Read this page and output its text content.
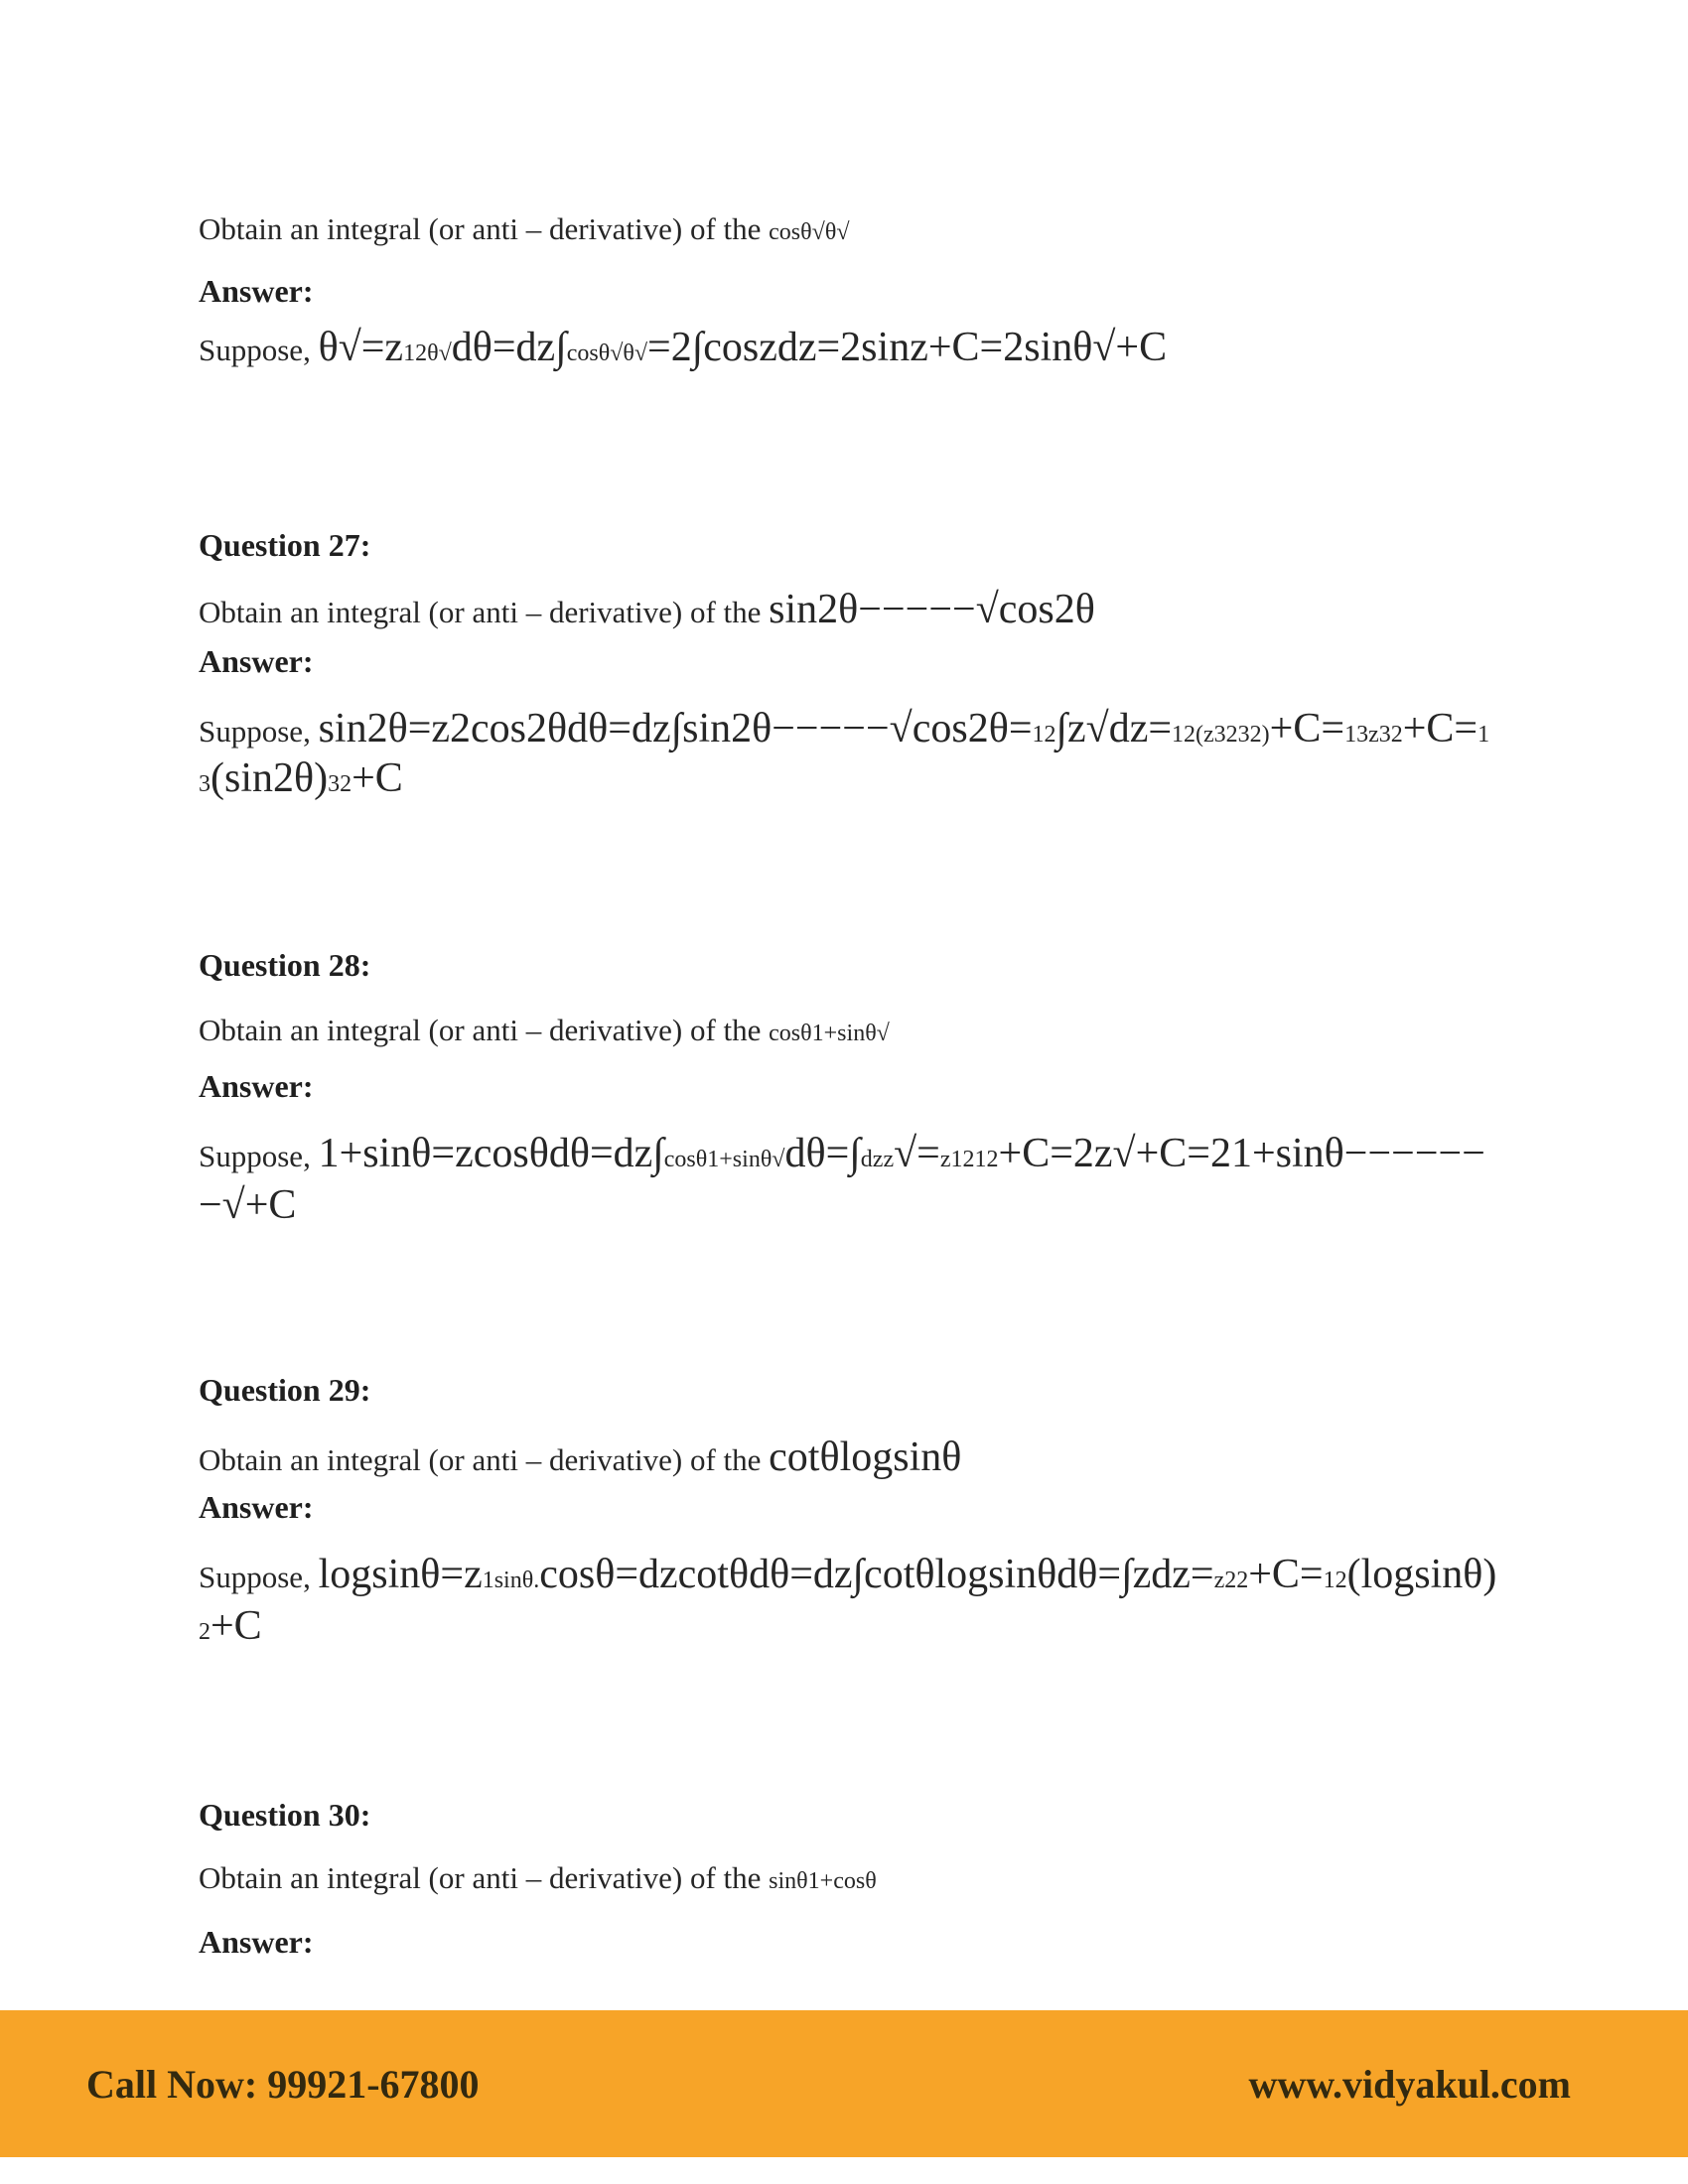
Obtain an integral (or anti – derivative) of the cosθ√θ√

Answer:

Suppose, θ√=z 12θ√ dθ=dz∫ cosθ√θ√ =2∫coszdz=2sinz+C=2sinθ√+C

Question 27:

Obtain an integral (or anti – derivative) of the sin2θ−−−−−√cos2θ

Answer:

Suppose, sin2θ=z2cos2θdθ=dz∫sin2θ−−−−−√cos2θ= 12 ∫z√dz= 12(z3232) +C= 13z32 +C= 1

3 (sin2θ) 32 +C

Question 28:

Obtain an integral (or anti – derivative) of the cosθ1+sinθ√

Answer:

Suppose, 1+sinθ=zcosθdθ=dz∫ cosθ1+sinθ√ dθ=∫ dzz √= z1212 +C=2z√+C=21+sinθ−−−−−−

−√+C

Question 29:

Obtain an integral (or anti – derivative) of the cotθlogsinθ

Answer:

Suppose, logsinθ=z 1sinθ. cosθ=dzcotθdθ=dz∫cotθlogsinθdθ=∫zdz= z22 +C= 12 (logsinθ)

2 +C

Question 30:

Obtain an integral (or anti – derivative) of the sinθ1+cosθ

Answer:

Call Now: 99921-67800	www.vidyakul.com
